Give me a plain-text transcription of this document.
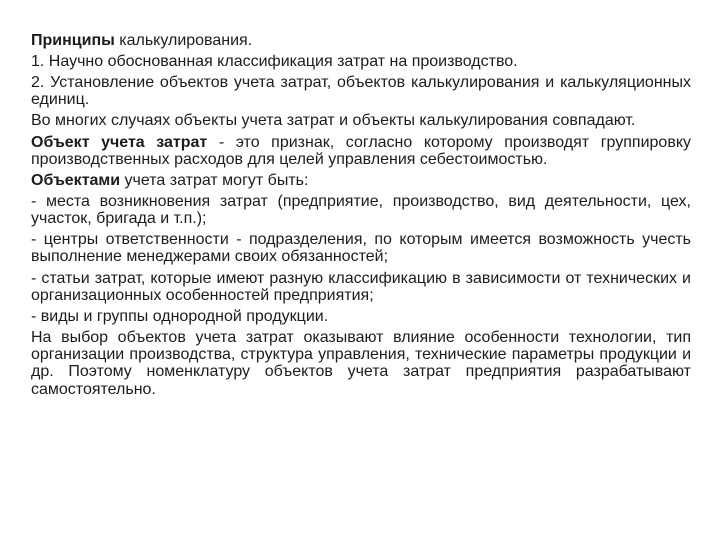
Принципы калькулирования.

1. Научно обоснованная классификация затрат на производство.

2. Установление объектов учета затрат, объектов калькулирования и калькуляционных единиц.

Во многих случаях объекты учета затрат и объекты калькулирования совпадают.

Объект учета затрат - это признак, согласно которому производят группировку производственных расходов для целей управления себестоимостью.

Объектами учета затрат могут быть:

- места возникновения затрат (предприятие, производство, вид деятельности, цех, участок, бригада и т.п.);

- центры ответственности - подразделения, по которым имеется возможность учесть выполнение менеджерами своих обязанностей;

- статьи затрат, которые имеют разную классификацию в зависимости от технических и организационных особенностей предприятия;

- виды и группы однородной продукции.

На выбор объектов учета затрат оказывают влияние особенности технологии, тип организации производства, структура управления, технические параметры продукции и др. Поэтому номенклатуру объектов учета затрат предприятия разрабатывают самостоятельно.
